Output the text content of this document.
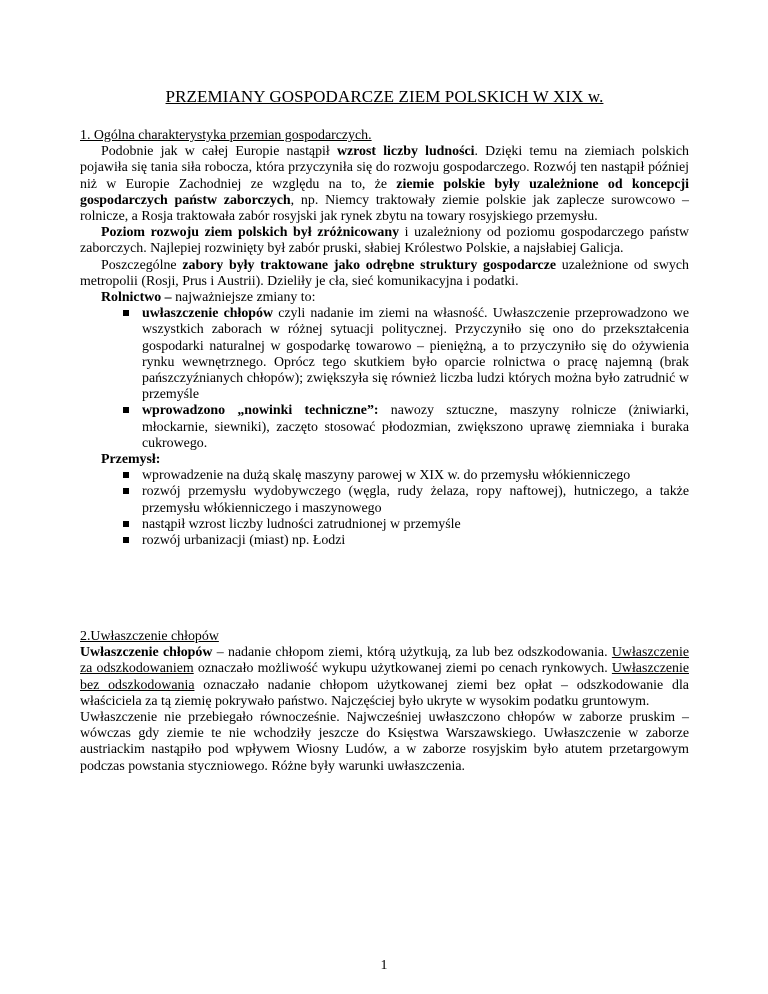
PRZEMIANY GOSPODARCZE ZIEM POLSKICH W XIX w.

1. Ogólna charakterystyka przemian gospodarczych.

Podobnie jak w całej Europie nastąpił wzrost liczby ludności. Dzięki temu na ziemiach polskich pojawiła się tania siła robocza, która przyczyniła się do rozwoju gospodarczego. Rozwój ten nastąpił później niż w Europie Zachodniej ze względu na to, że ziemie polskie były uzależnione od koncepcji gospodarczych państw zaborczych, np. Niemcy traktowały ziemie polskie jak zaplecze surowcowo – rolnicze, a Rosja traktowała zabór rosyjski jak rynek zbytu na towary rosyjskiego przemysłu.

Poziom rozwoju ziem polskich był zróżnicowany i uzależniony od poziomu gospodarczego państw zaborczych. Najlepiej rozwinięty był zabór pruski, słabiej Królestwo Polskie, a najsłabiej Galicja.

Poszczególne zabory były traktowane jako odrębne struktury gospodarcze uzależnione od swych metropolii (Rosji, Prus i Austrii). Dzieliły je cła, sieć komunikacyjna i podatki.

Rolnictwo – najważniejsze zmiany to:

uwłaszczenie chłopów czyli nadanie im ziemi na własność. Uwłaszczenie przeprowadzono we wszystkich zaborach w różnej sytuacji politycznej. Przyczyniło się ono do przekształcenia gospodarki naturalnej w gospodarkę towarowo – pieniężną, a to przyczyniło się do ożywienia rynku wewnętrznego. Oprócz tego skutkiem było oparcie rolnictwa o pracę najemną (brak pańszczyźnianych chłopów); zwiększyła się również liczba ludzi których można było zatrudnić w przemyśle
wprowadzono „nowinki techniczne”: nawozy sztuczne, maszyny rolnicze (żniwiarki, młockarnie, siewniki), zaczęto stosować płodozmian, zwiększono uprawę ziemniaka i buraka cukrowego.

Przemysł:

wprowadzenie na dużą skalę maszyny parowej w XIX w. do przemysłu włókienniczego
rozwój przemysłu wydobywczego (węgla, rudy żelaza, ropy naftowej), hutniczego, a także przemysłu włókienniczego i maszynowego
nastąpił wzrost liczby ludności zatrudnionej w przemyśle
rozwój urbanizacji (miast) np. Łodzi

2.Uwłaszczenie chłopów

Uwłaszczenie chłopów – nadanie chłopom ziemi, którą użytkują, za lub bez odszkodowania. Uwłaszczenie za odszkodowaniem oznaczało możliwość wykupu użytkowanej ziemi po cenach rynkowych. Uwłaszczenie bez odszkodowania oznaczało nadanie chłopom użytkowanej ziemi bez opłat – odszkodowanie dla właściciela za tą ziemię pokrywało państwo. Najczęściej było ukryte w wysokim podatku gruntowym.

Uwłaszczenie nie przebiegało równocześnie. Najwcześniej uwłaszczono chłopów w zaborze pruskim – wówczas gdy ziemie te nie wchodziły jeszcze do Księstwa Warszawskiego. Uwłaszczenie w zaborze austriackim nastąpiło pod wpływem Wiosny Ludów, a w zaborze rosyjskim było atutem przetargowym podczas powstania styczniowego. Różne były warunki uwłaszczenia.

1
